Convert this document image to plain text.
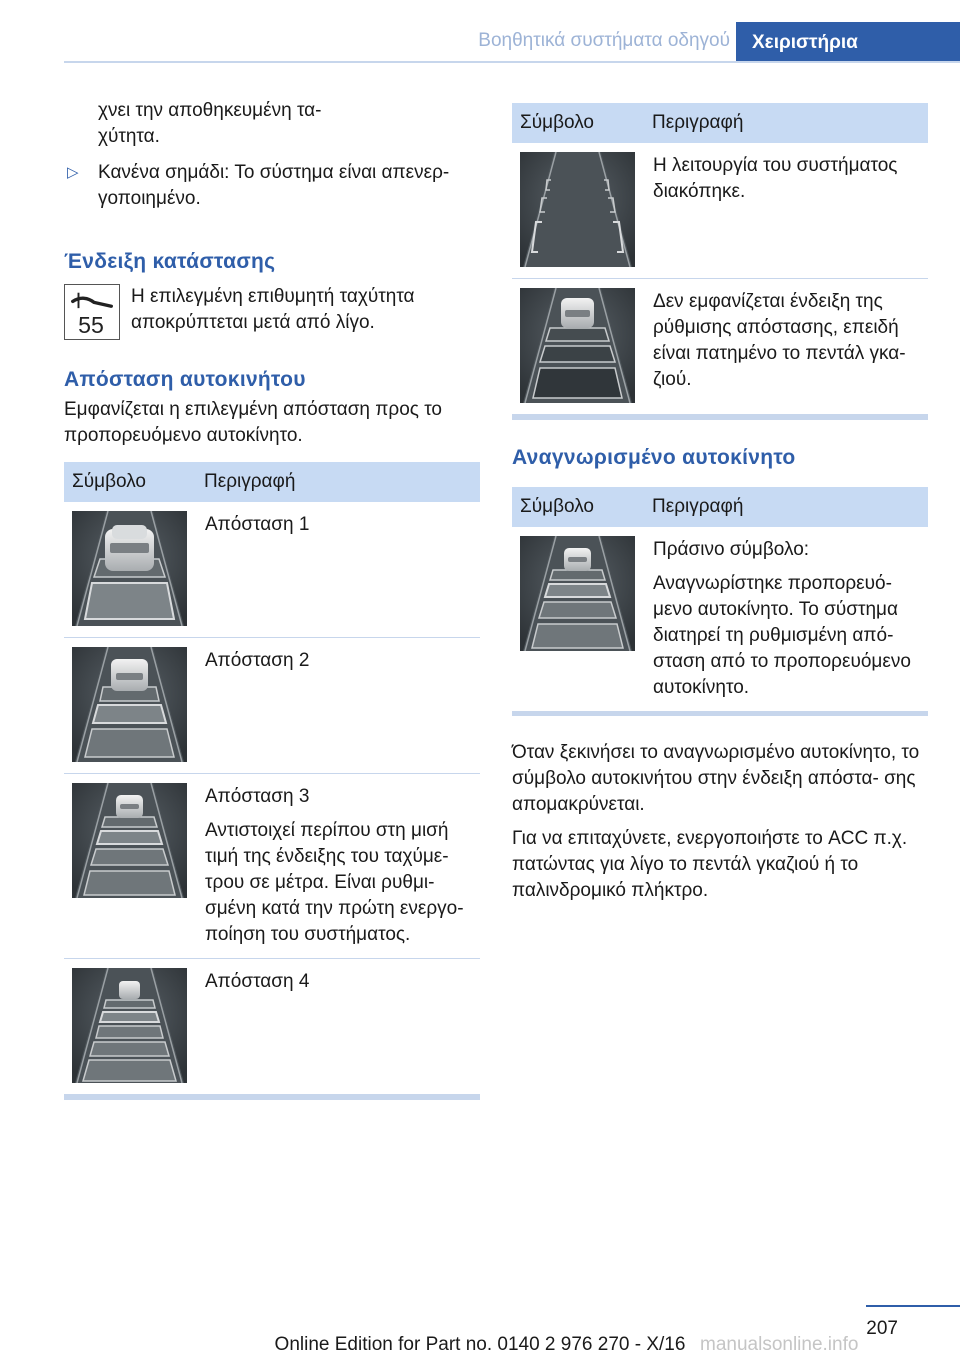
Βοηθητικά συστήματα οδηγού	Χειριστήρια

χνει την αποθηκευμένη τα-

χύτητα.

▷ Κανένα σημάδι: Το σύστημα είναι απενερ- γοποιημένο.

Ένδειξη κατάστασης
55

Η επιλεγμένη επιθυμητή ταχύτητα αποκρύπτεται μετά από λίγο.

Απόσταση αυτοκινήτου

Εμφανίζεται η επιλεγμένη απόσταση προς το προπορευόμενο αυτοκίνητο.

Σύμβολο	Περιγραφή

Απόσταση 1

Απόσταση 2

Απόσταση 3

Αντιστοιχεί περίπου στη μισή τιμή της ένδειξης του ταχύμε- τρου σε μέτρα. Είναι ρυθμι- σμένη κατά την πρώτη ενεργο- ποίηση του συστήματος.

Απόσταση 4

Σύμβολο	Περιγραφή

Η λειτουργία του συστήματος διακόπηκε.

Δεν εμφανίζεται ένδειξη της ρύθμισης απόστασης, επειδή είναι πατημένο το πεντάλ γκα- ζιού.

Αναγνωρισμένο αυτοκίνητο
Σύμβολο	Περιγραφή

Πράσινο σύμβολο:

Αναγνωρίστηκε προπορευό- μενο αυτοκίνητο. Το σύστημα διατηρεί τη ρυθμισμένη από- σταση από το προπορευόμενο αυτοκίνητο.

Όταν ξεκινήσει το αναγνωρισμένο αυτοκίνητο, το σύμβολο αυτοκινήτου στην ένδειξη απόστα- σης απομακρύνεται.

Για να επιταχύνετε, ενεργοποιήστε το ACC π.χ. πατώντας για λίγο το πεντάλ γκαζιού ή το παλινδρομικό πλήκτρο.

207
Online Edition for Part no. 0140 2 976 270 - X/16 manualsonline.info
